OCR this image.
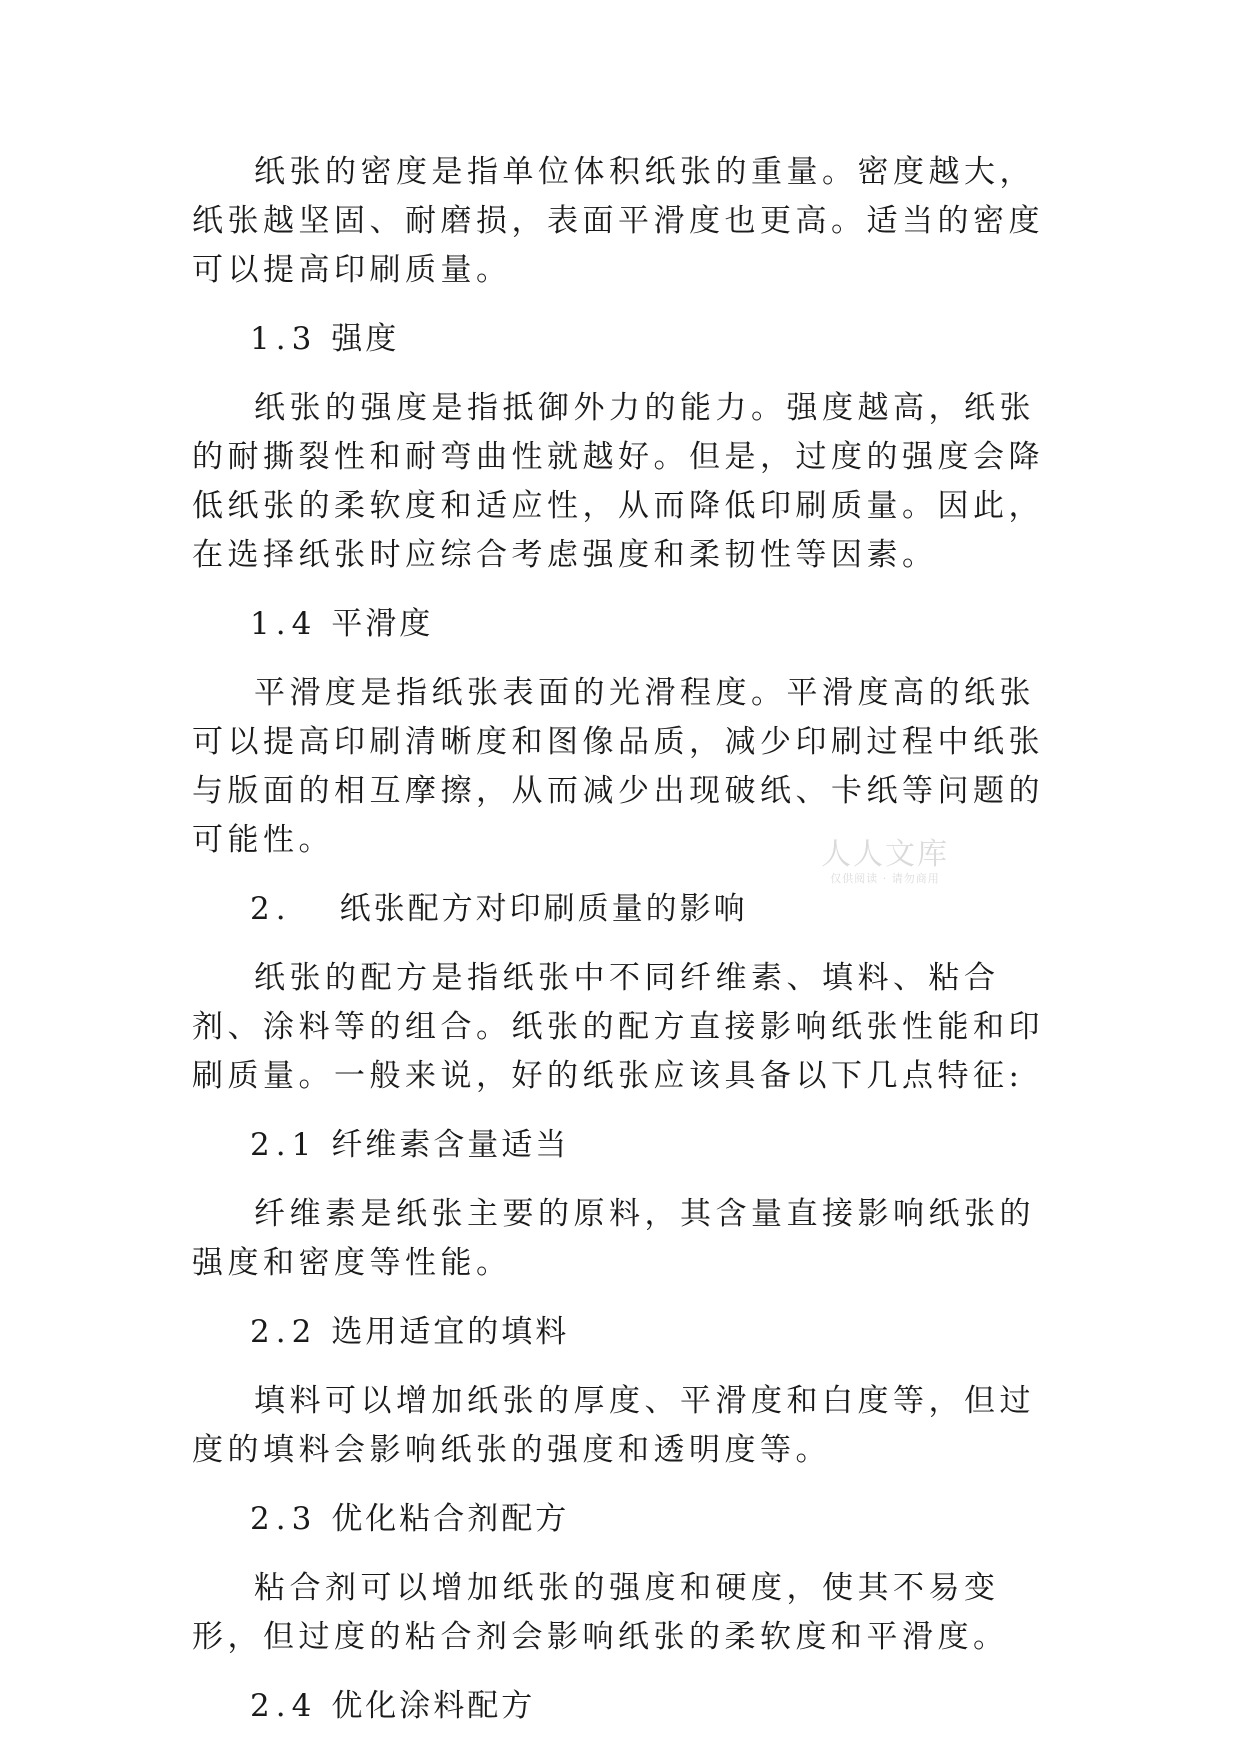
纸张的密度是指单位体积纸张的重量。密度越大，纸张越坚固、耐磨损，表面平滑度也更高。适当的密度可以提高印刷质量。

1.3 强度

纸张的强度是指抵御外力的能力。强度越高，纸张的耐撕裂性和耐弯曲性就越好。但是，过度的强度会降低纸张的柔软度和适应性，从而降低印刷质量。因此，在选择纸张时应综合考虑强度和柔韧性等因素。

1.4 平滑度

平滑度是指纸张表面的光滑程度。平滑度高的纸张可以提高印刷清晰度和图像品质，减少印刷过程中纸张与版面的相互摩擦，从而减少出现破纸、卡纸等问题的可能性。

2. 纸张配方对印刷质量的影响

纸张的配方是指纸张中不同纤维素、填料、粘合剂、涂料等的组合。纸张的配方直接影响纸张性能和印刷质量。一般来说，好的纸张应该具备以下几点特征:

2.1 纤维素含量适当

纤维素是纸张主要的原料，其含量直接影响纸张的强度和密度等性能。

2.2 选用适宜的填料

填料可以增加纸张的厚度、平滑度和白度等，但过度的填料会影响纸张的强度和透明度等。

2.3 优化粘合剂配方

粘合剂可以增加纸张的强度和硬度，使其不易变形，但过度的粘合剂会影响纸张的柔软度和平滑度。

2.4 优化涂料配方
人人文库
仅供阅读 · 请勿商用
